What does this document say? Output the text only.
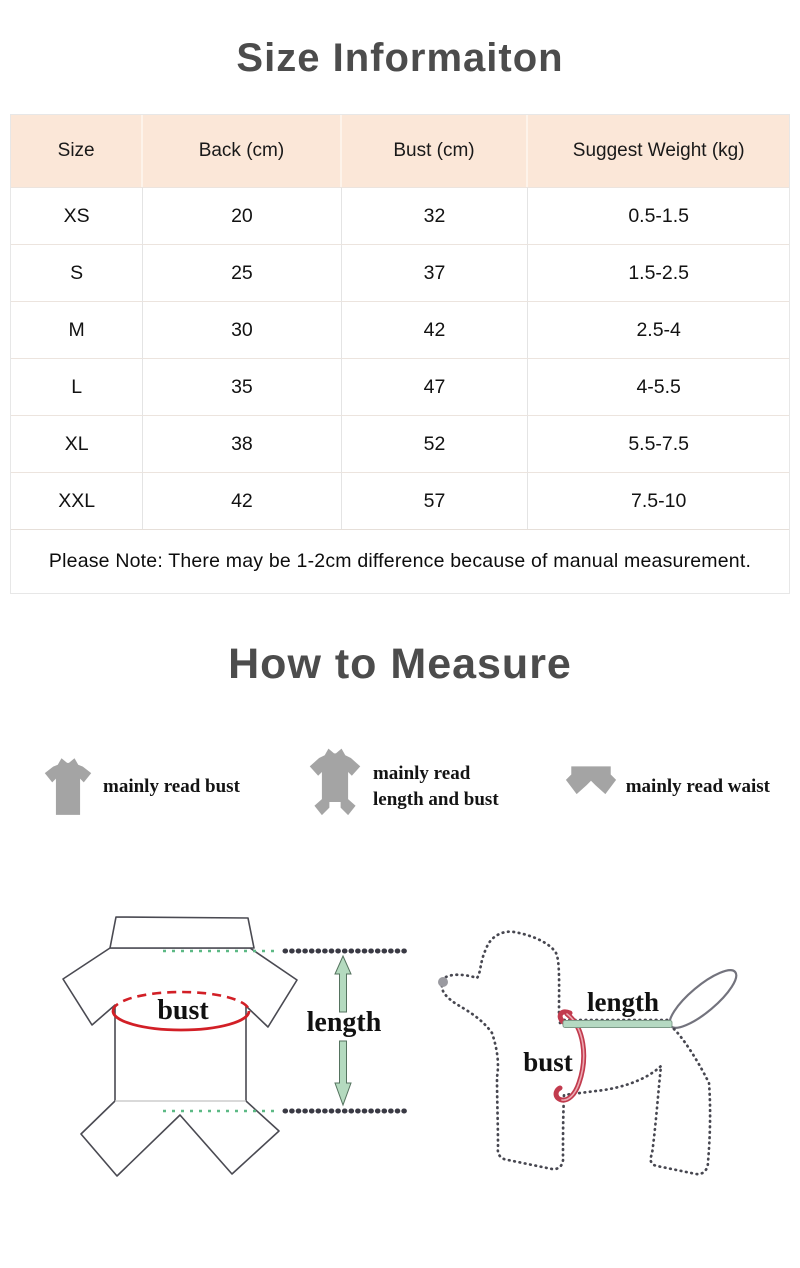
Size Informaiton
Size	Back (cm)	Bust (cm)	Suggest Weight (kg)
XS	20	32	0.5-1.5
S	25	37	1.5-2.5
M	30	42	2.5-4
L	35	47	4-5.5
XL	38	52	5.5-7.5
XXL	42	57	7.5-10
Please Note: There may be 1-2cm difference because of manual measurement.
How to Measure
mainly read bust
mainly read
length and bust
mainly read waist
bust	length
length
bust
